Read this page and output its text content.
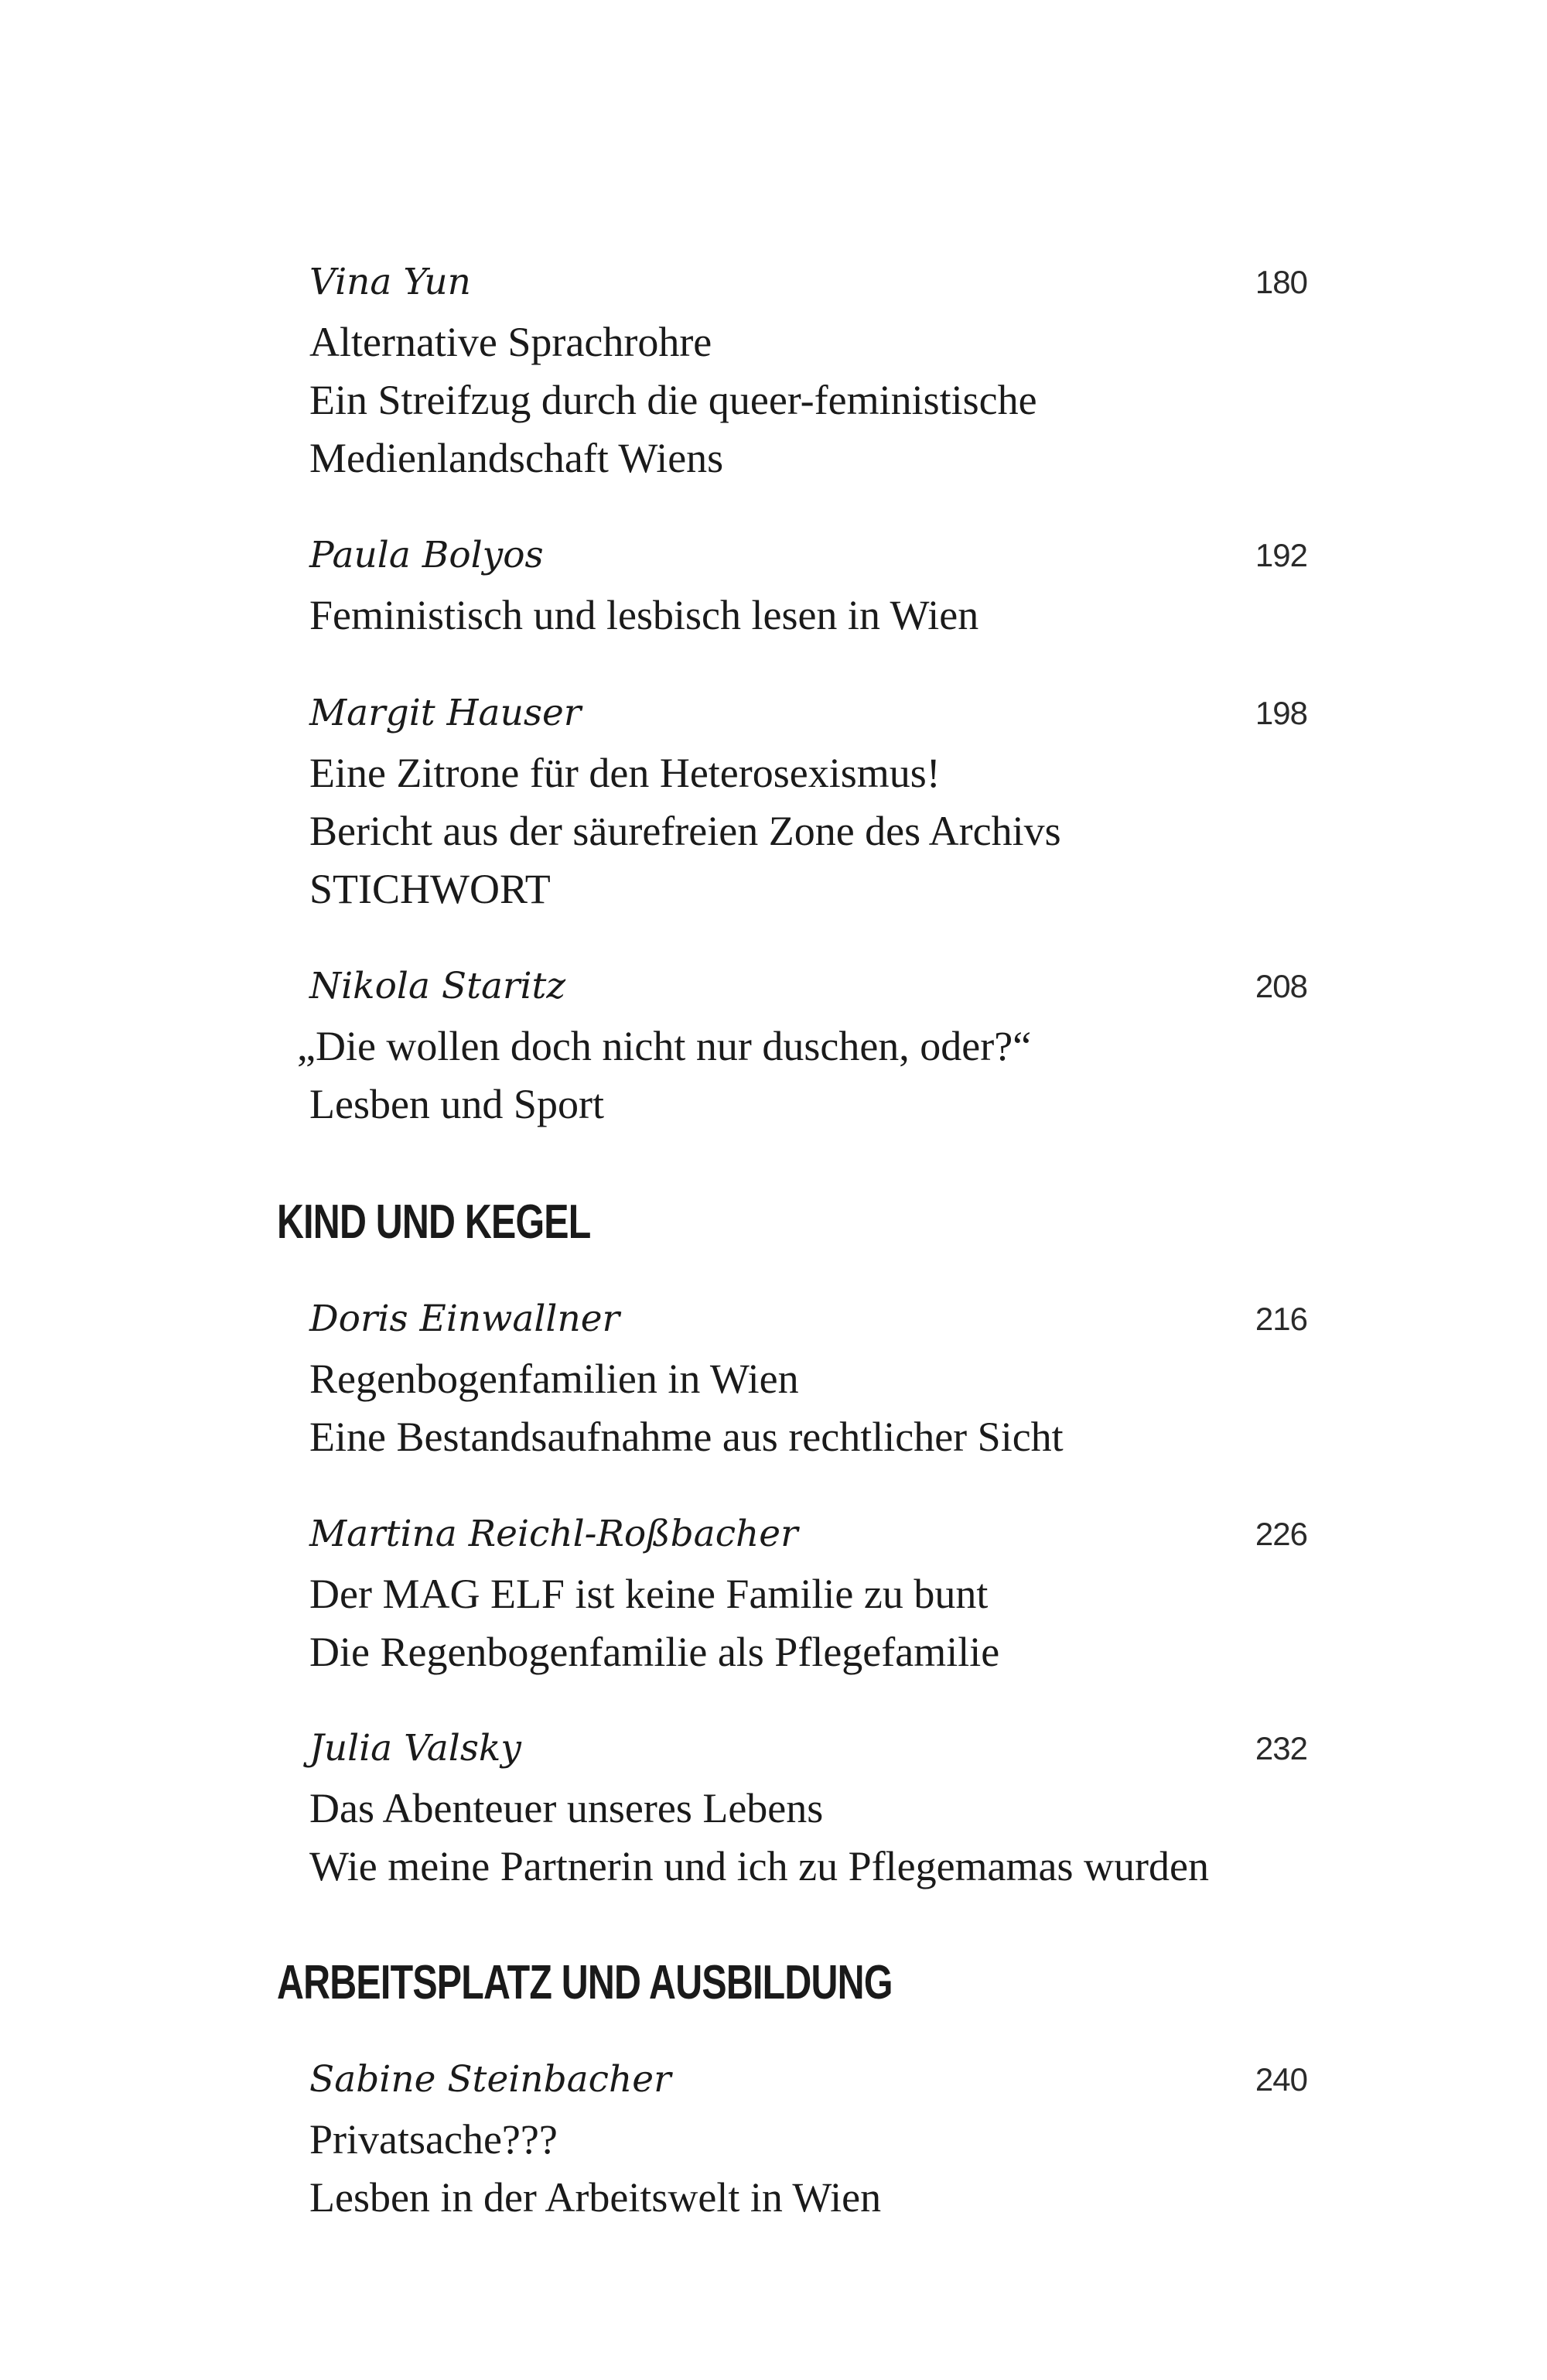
Vina Yun	180
Alternative Sprachrohre
Ein Streifzug durch die queer-feministische
Medienlandschaft Wiens
Paula Bolyos	192
Feministisch und lesbisch lesen in Wien
Margit Hauser	198
Eine Zitrone für den Heterosexismus!
Bericht aus der säurefreien Zone des Archivs
STICHWORT
Nikola Staritz	208
„Die wollen doch nicht nur duschen, oder?“
Lesben und Sport
KIND UND KEGEL
Doris Einwallner	216
Regenbogenfamilien in Wien
Eine Bestandsaufnahme aus rechtlicher Sicht
Martina Reichl-Roßbacher	226
Der MAG ELF ist keine Familie zu bunt
Die Regenbogenfamilie als Pflegefamilie
Julia Valsky	232
Das Abenteuer unseres Lebens
Wie meine Partnerin und ich zu Pflegemamas wurden
ARBEITSPLATZ UND AUSBILDUNG
Sabine Steinbacher	240
Privatsache???
Lesben in der Arbeitswelt in Wien
